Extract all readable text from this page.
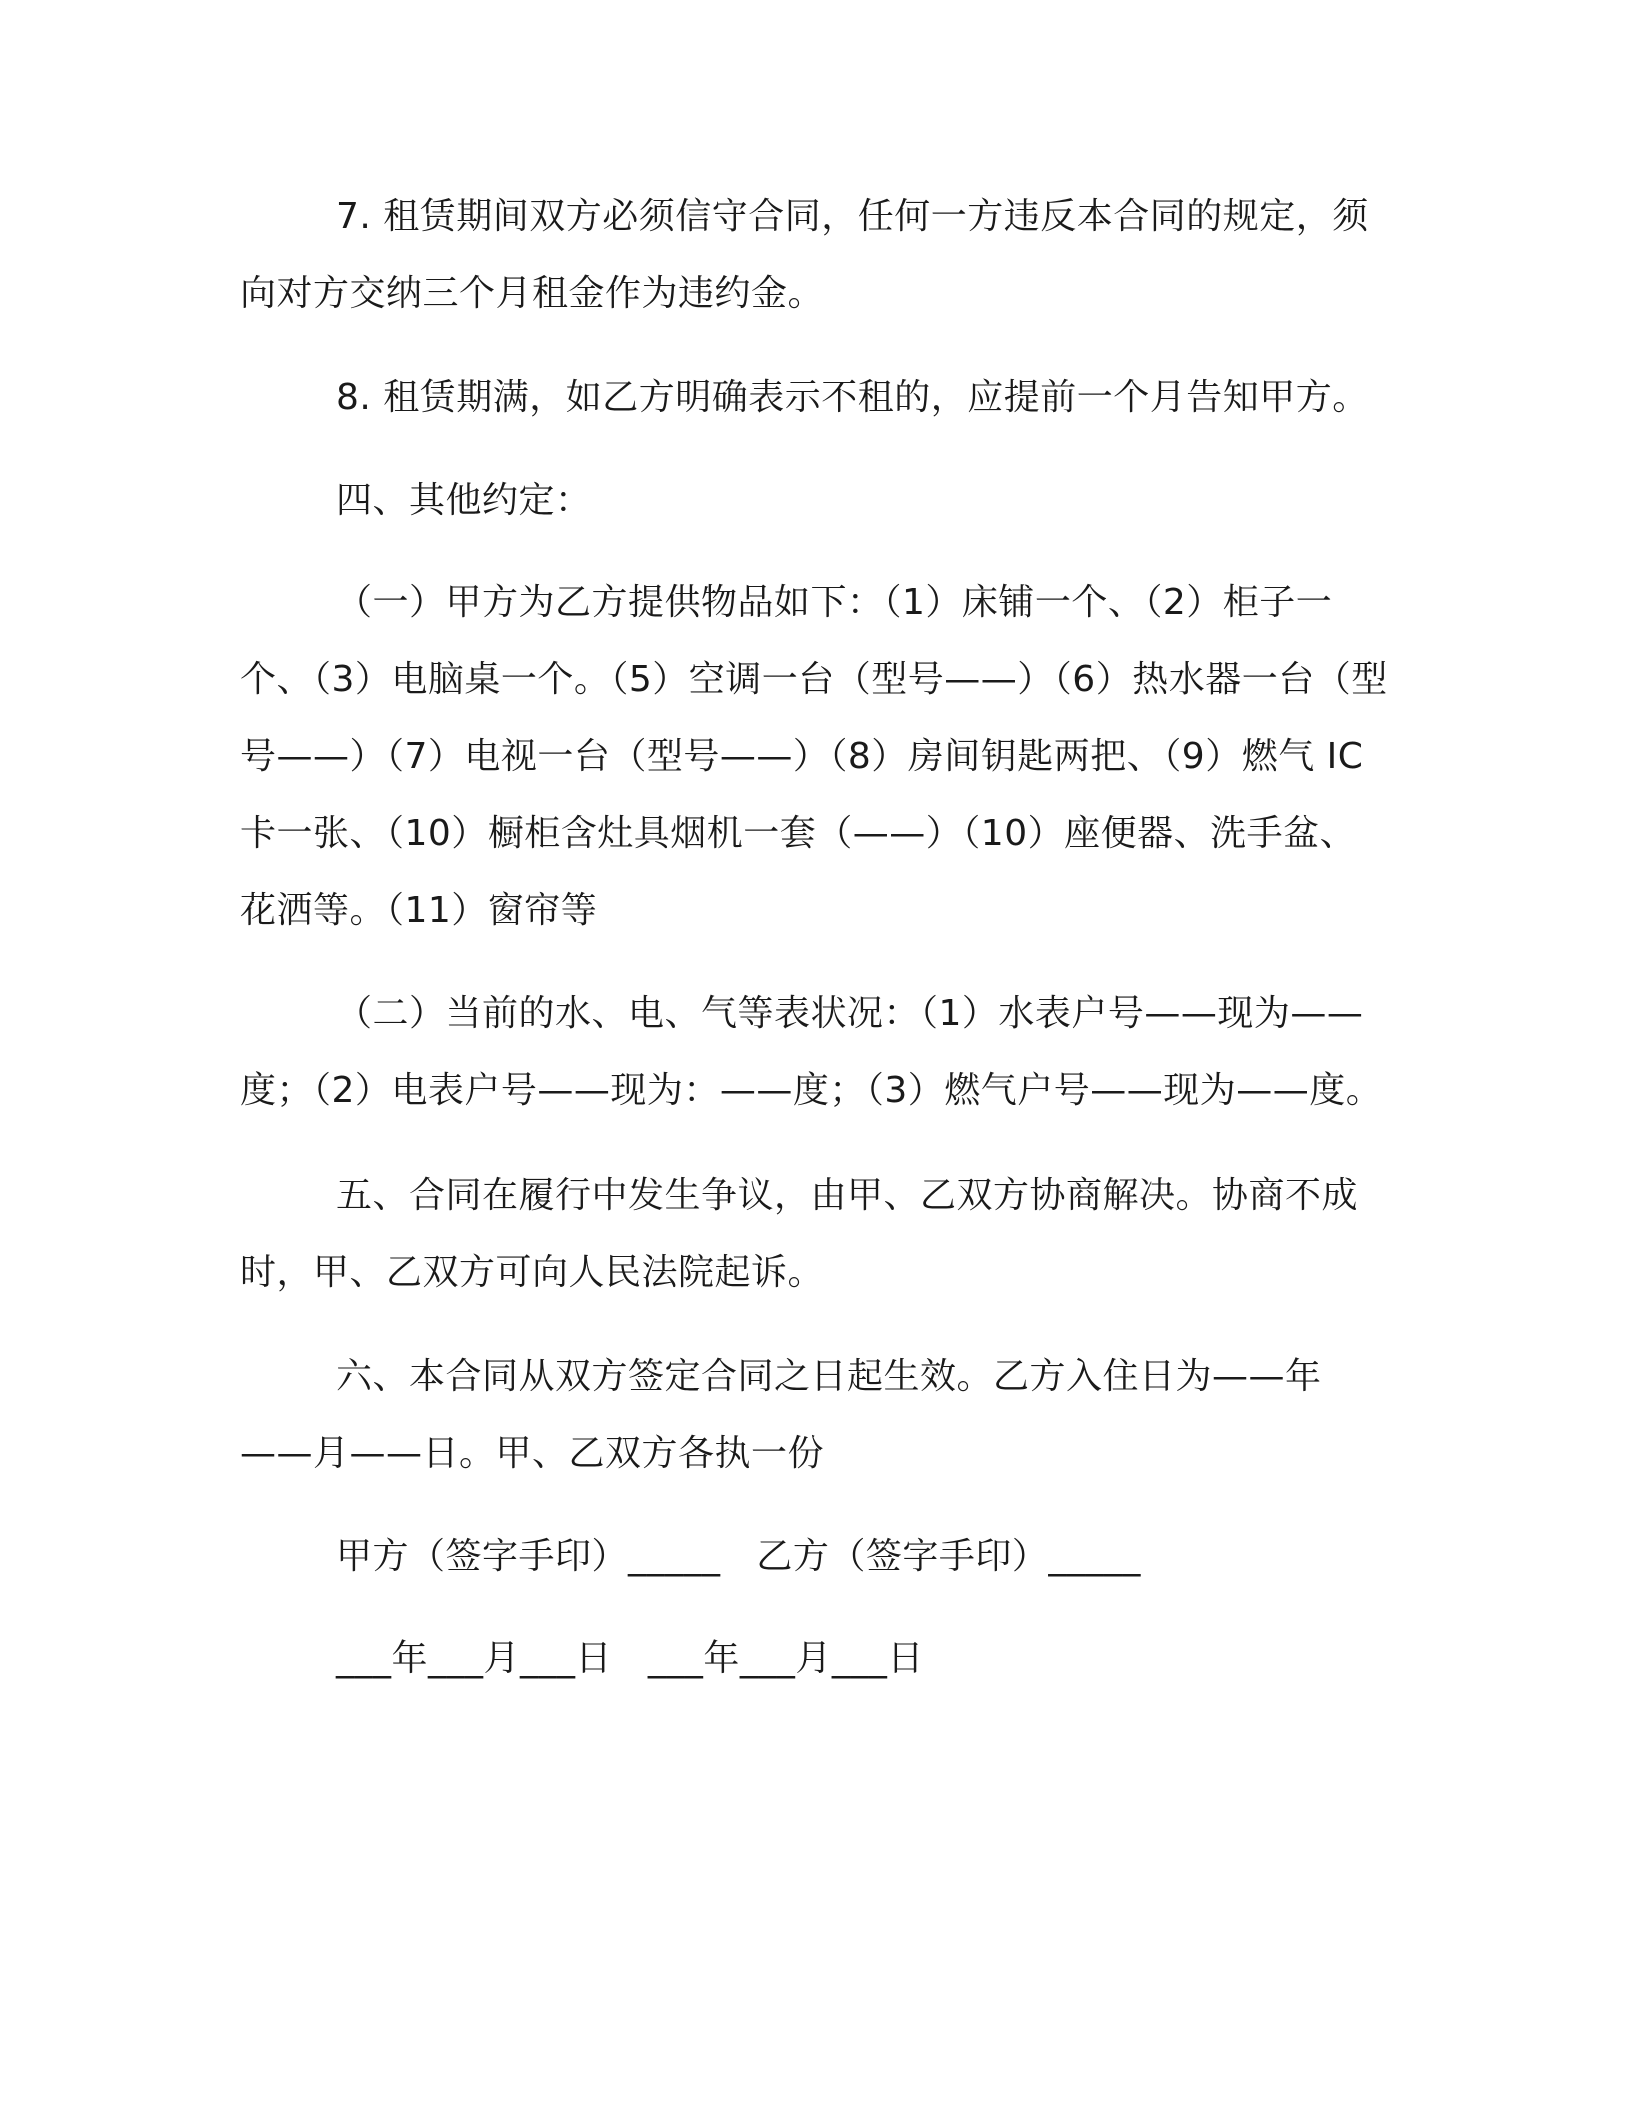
7. 租赁期间双方必须信守合同，任何一方违反本合同的规定，须向对方交纳三个月租金作为违约金。

8. 租赁期满，如乙方明确表示不租的，应提前一个月告知甲方。

四、其他约定：

（一）甲方为乙方提供物品如下：（1）床铺一个、（2）柜子一个、（3）电脑桌一个。（5）空调一台（型号——）（6）热水器一台（型号——）（7）电视一台（型号——）（8）房间钥匙两把、（9）燃气 IC 卡一张、（10）橱柜含灶具烟机一套（——）（10）座便器、洗手盆、花洒等。（11）窗帘等

（二）当前的水、电、气等表状况：（1）水表户号——现为——度；（2）电表户号——现为：——度；（3）燃气户号——现为——度。

五、合同在履行中发生争议，由甲、乙双方协商解决。协商不成时，甲、乙双方可向人民法院起诉。

六、本合同从双方签定合同之日起生效。乙方入住日为——年——月——日。甲、乙双方各执一份

甲方（签字手印）_____   乙方（签字手印）_____
___年___月___日   ___年___月___日
